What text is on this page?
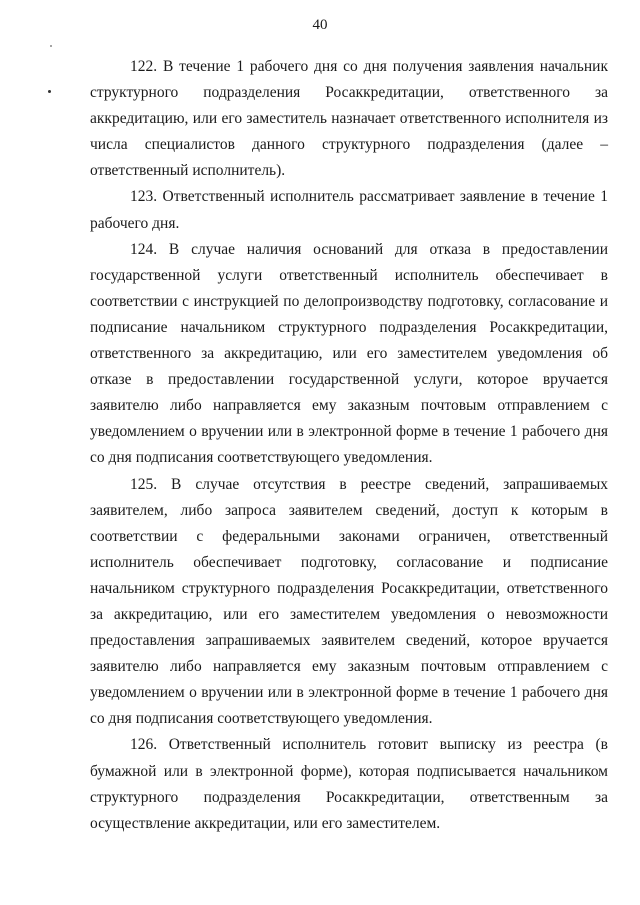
40

122. В течение 1 рабочего дня со дня получения заявления начальник структурного подразделения Росаккредитации, ответственного за аккредитацию, или его заместитель назначает ответственного исполнителя из числа специалистов данного структурного подразделения (далее – ответственный исполнитель).

123. Ответственный исполнитель рассматривает заявление в течение 1 рабочего дня.

124. В случае наличия оснований для отказа в предоставлении государственной услуги ответственный исполнитель обеспечивает в соответствии с инструкцией по делопроизводству подготовку, согласование и подписание начальником структурного подразделения Росаккредитации, ответственного за аккредитацию, или его заместителем уведомления об отказе в предоставлении государственной услуги, которое вручается заявителю либо направляется ему заказным почтовым отправлением с уведомлением о вручении или в электронной форме в течение 1 рабочего дня со дня подписания соответствующего уведомления.

125. В случае отсутствия в реестре сведений, запрашиваемых заявителем, либо запроса заявителем сведений, доступ к которым в соответствии с федеральными законами ограничен, ответственный исполнитель обеспечивает подготовку, согласование и подписание начальником структурного подразделения Росаккредитации, ответственного за аккредитацию, или его заместителем уведомления о невозможности предоставления запрашиваемых заявителем сведений, которое вручается заявителю либо направляется ему заказным почтовым отправлением с уведомлением о вручении или в электронной форме в течение 1 рабочего дня со дня подписания соответствующего уведомления.

126. Ответственный исполнитель готовит выписку из реестра (в бумажной или в электронной форме), которая подписывается начальником структурного подразделения Росаккредитации, ответственным за осуществление аккредитации, или его заместителем.
